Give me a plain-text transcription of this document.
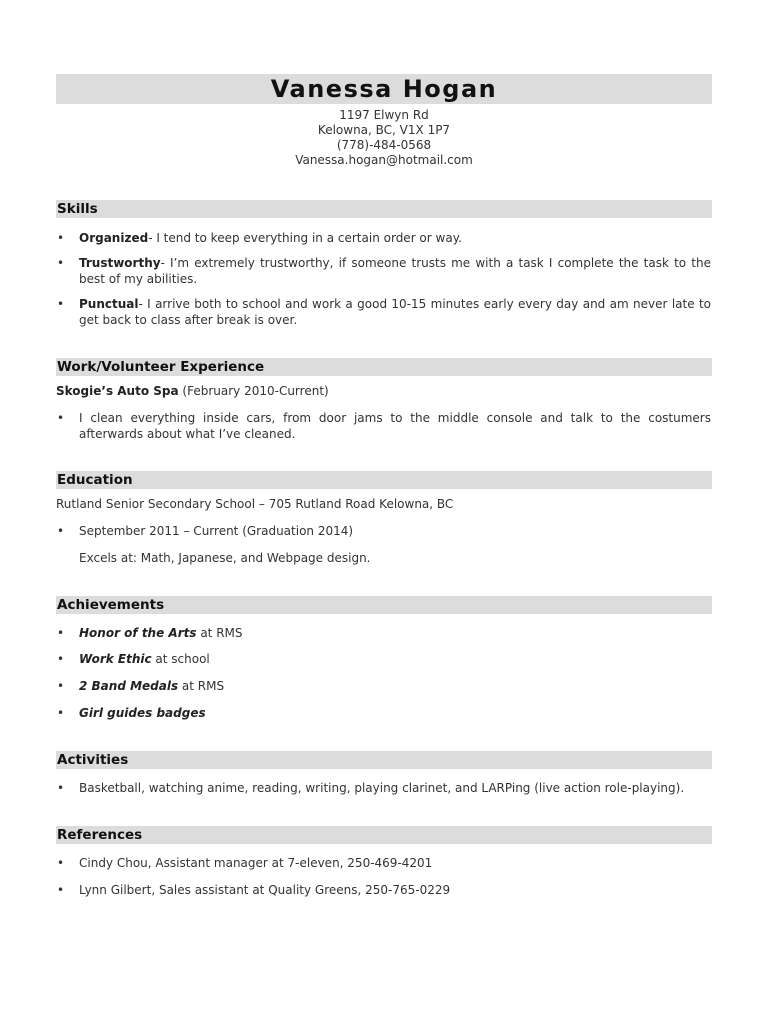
Vanessa Hogan
1197 Elwyn Rd
Kelowna, BC, V1X 1P7
(778)-484-0568
Vanessa.hogan@hotmail.com
Skills
• Organized- I tend to keep everything in a certain order or way.
• Trustworthy- I’m extremely trustworthy, if someone trusts me with a task I complete the task to the best of my abilities.
• Punctual- I arrive both to school and work a good 10-15 minutes early every day and am never late to get back to class after break is over.
Work/Volunteer Experience
Skogie’s Auto Spa (February 2010-Current)
• I clean everything inside cars, from door jams to the middle console and talk to the costumers afterwards about what I’ve cleaned.
Education
Rutland Senior Secondary School – 705 Rutland Road Kelowna, BC
• September 2011 – Current (Graduation 2014)
Excels at: Math, Japanese, and Webpage design.
Achievements
• Honor of the Arts at RMS
• Work Ethic at school
• 2 Band Medals at RMS
• Girl guides badges
Activities
• Basketball, watching anime, reading, writing, playing clarinet, and LARPing (live action role-playing).
References
• Cindy Chou, Assistant manager at 7-eleven, 250-469-4201
• Lynn Gilbert, Sales assistant at Quality Greens, 250-765-0229
